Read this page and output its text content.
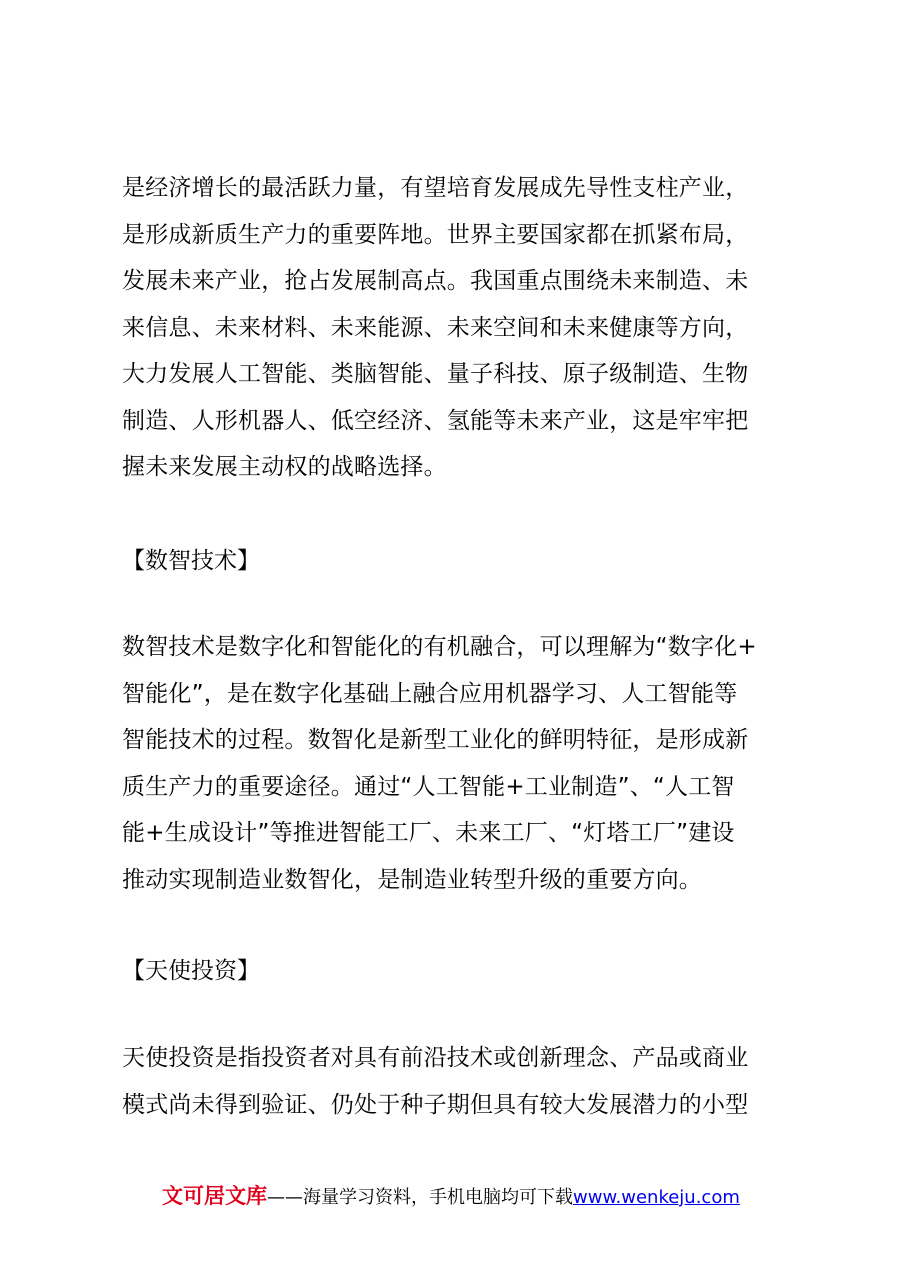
是经济增长的最活跃力量，有望培育发展成先导性支柱产业，
是形成新质生产力的重要阵地。世界主要国家都在抓紧布局，
发展未来产业，抢占发展制高点。我国重点围绕未来制造、未
来信息、未来材料、未来能源、未来空间和未来健康等方向，
大力发展人工智能、类脑智能、量子科技、原子级制造、生物
制造、人形机器人、低空经济、氢能等未来产业，这是牢牢把
握未来发展主动权的战略选择。
【数智技术】
数智技术是数字化和智能化的有机融合，可以理解为“数字化+
智能化”，是在数字化基础上融合应用机器学习、人工智能等
智能技术的过程。数智化是新型工业化的鲜明特征，是形成新
质生产力的重要途径。通过“人工智能+工业制造”、“人工智
能+生成设计”等推进智能工厂、未来工厂、“灯塔工厂”建设
推动实现制造业数智化，是制造业转型升级的重要方向。
【天使投资】
天使投资是指投资者对具有前沿技术或创新理念、产品或商业
模式尚未得到验证、仍处于种子期但具有较大发展潜力的小型
文可居文库——海量学习资料，手机电脑均可下载www.wenkeju.com
